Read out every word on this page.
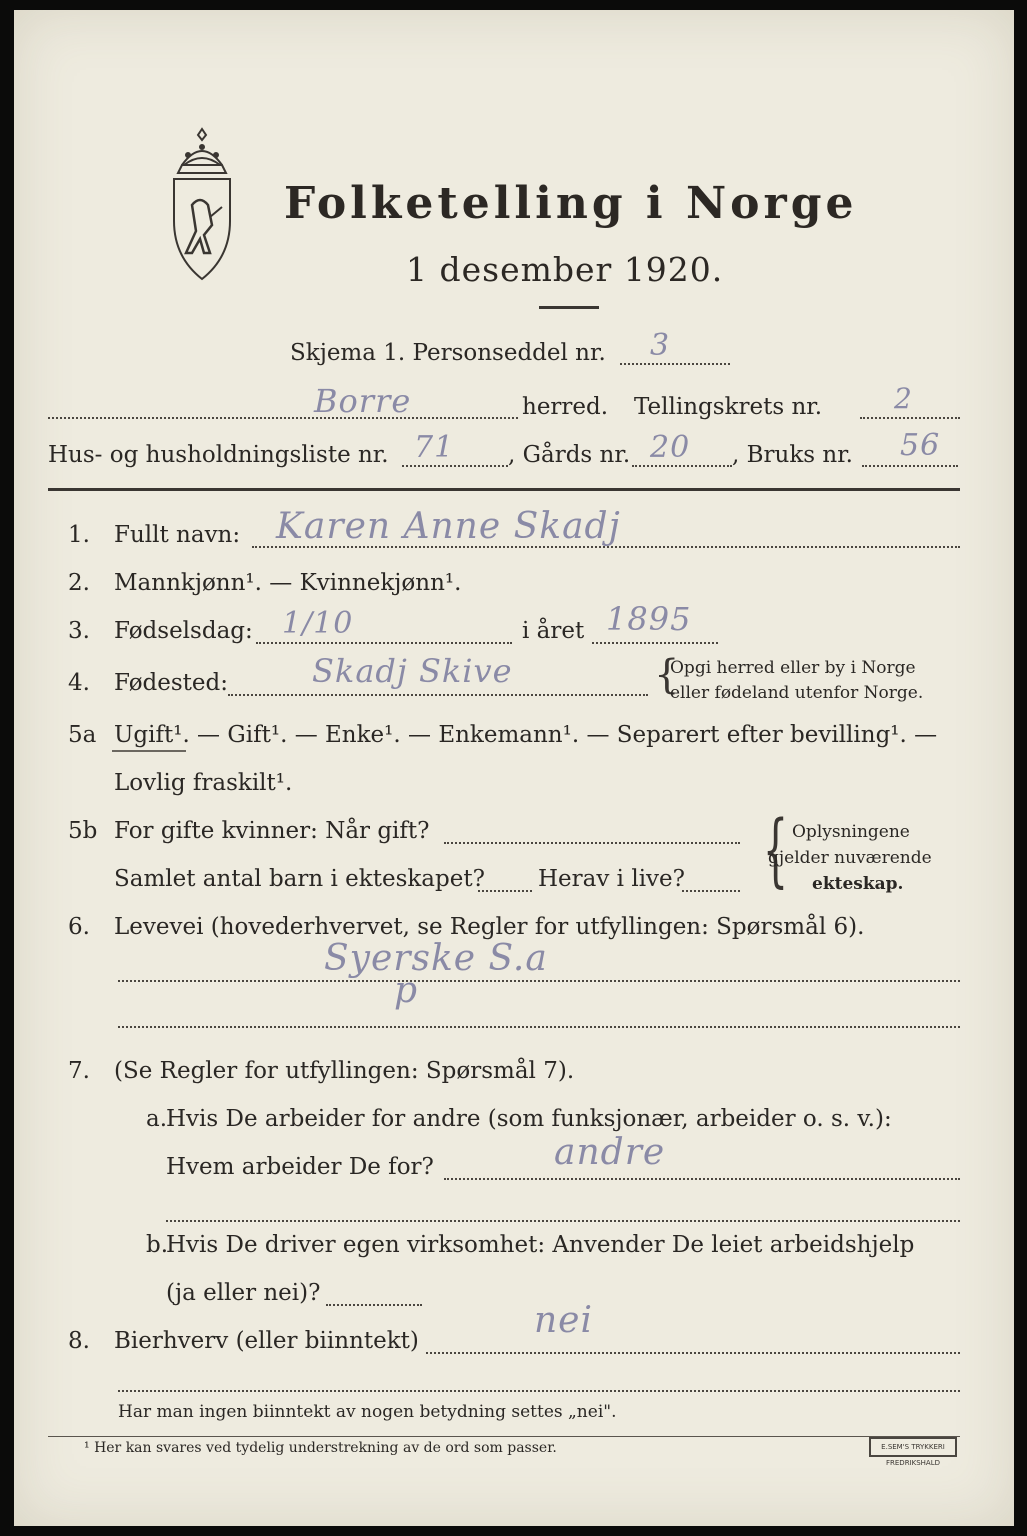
Folketelling i Norge
1 desember 1920.
Skjema 1. Personseddel nr. 3
Borre	herred. Tellingskrets nr.	2
Hus- og husholdningsliste nr. 71 , Gårds nr. 20 , Bruks nr. 56
1. Fullt navn: Karen Anne Skadj
2. Mannkjønn¹. — Kvinnekjønn¹.
3. Fødselsdag: 1/10	i året 1895
4. Fødested:	Skadj Skive	{
Opgi herred eller by i Norge
eller fødeland utenfor Norge.
5a Ugift¹. — Gift¹. — Enke¹. — Enkemann¹. — Separert efter bevilling¹. —
Lovlig fraskilt¹.
5b For gifte kvinner: Når gift?
Samlet antal barn i ekteskapet? Herav i live? { Oplysningene
gjelder nuværende
ekteskap.
6. Levevei (hovederhvervet, se Regler for utfyllingen: Spørsmål 6).
Syerske S.a
p
7. (Se Regler for utfyllingen: Spørsmål 7).
a.
Hvis De arbeider for andre (som funksjonær, arbeider o. s. v.):
Hvem arbeider De for?	andre
b.
Hvis De driver egen virksomhet: Anvender De leiet arbeidshjelp
(ja eller nei)?
8. Bierhverv (eller biinntekt)	nei
Har man ingen biinntekt av nogen betydning settes „nei".
¹ Her kan svares ved tydelig understrekning av de ord som passer.	E.SEM'S TRYKKERI FREDRIKSHALD
